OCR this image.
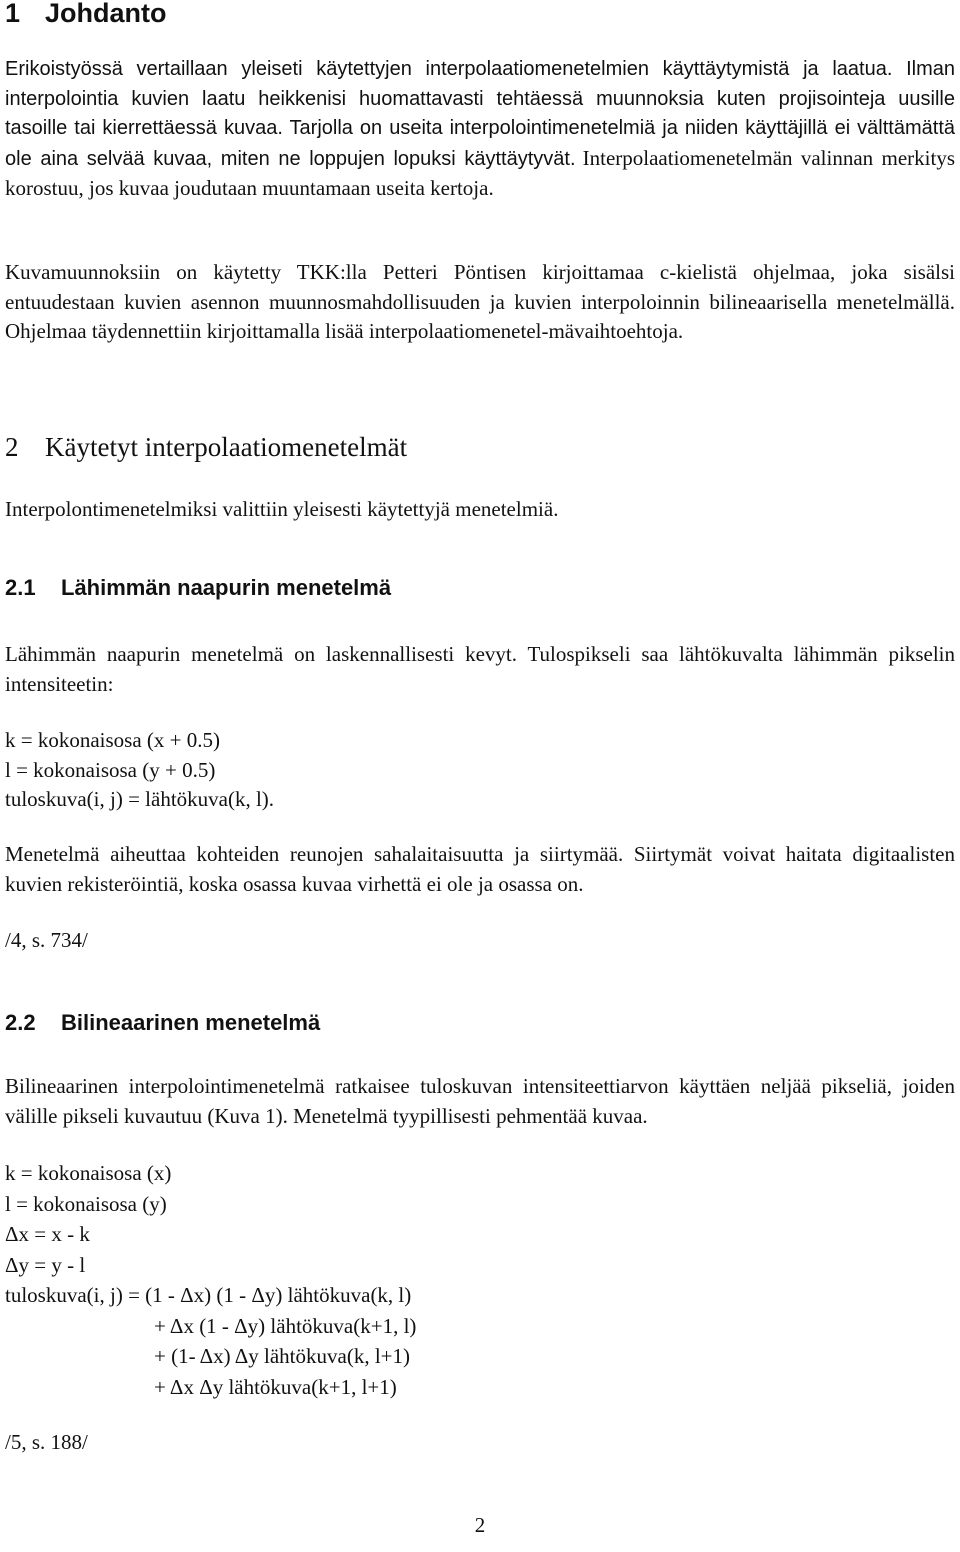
1 Johdanto

Erikoistyössä vertaillaan yleiseti käytettyjen interpolaatiomenetelmien käyttäytymistä ja laatua. Ilman interpolointia kuvien laatu heikkenisi huomattavasti tehtäessä muunnoksia kuten projisointeja uusille tasoille tai kierrettäessä kuvaa. Tarjolla on useita interpolointimenetelmiä ja niiden käyttäjillä ei välttämättä ole aina selvää kuvaa, miten ne loppujen lopuksi käyttäytyvät. Interpolaatiomenetelmän valinnan merkitys korostuu, jos kuvaa joudutaan muuntamaan useita kertoja.

Kuvamuunnoksiin on käytetty TKK:lla Petteri Pöntisen kirjoittamaa c-kielistä ohjelmaa, joka sisälsi entuudestaan kuvien asennon muunnosmahdollisuuden ja kuvien interpoloinnin bilineaarisella menetelmällä. Ohjelmaa täydennettiin kirjoittamalla lisää interpolaatiomenetel-mävaihtoehtoja.

2 Käytetyt interpolaatiomenetelmät

Interpolontimenetelmiksi valittiin yleisesti käytettyjä menetelmiä.

2.1 Lähimmän naapurin menetelmä

Lähimmän naapurin menetelmä on laskennallisesti kevyt. Tulospikseli saa lähtökuvalta lähimmän pikselin intensiteetin:

k = kokonaisosa (x + 0.5)
l = kokonaisosa (y + 0.5)
tuloskuva(i, j) = lähtökuva(k, l).

Menetelmä aiheuttaa kohteiden reunojen sahalaitaisuutta ja siirtymää. Siirtymät voivat haitata digitaalisten kuvien rekisteröintiä, koska osassa kuvaa virhettä ei ole ja osassa on.

/4, s. 734/

2.2 Bilineaarinen menetelmä

Bilineaarinen interpolointimenetelmä ratkaisee tuloskuvan intensiteettiarvon käyttäen neljää pikseliä, joiden välille pikseli kuvautuu (Kuva 1). Menetelmä tyypillisesti pehmentää kuvaa.

k = kokonaisosa (x)
l = kokonaisosa (y)
Δx = x - k
Δy = y - l
tuloskuva(i, j) = (1 - Δx) (1 - Δy) lähtökuva(k, l)
+ Δx (1 - Δy) lähtökuva(k+1, l)
+ (1- Δx) Δy lähtökuva(k, l+1)
+ Δx Δy lähtökuva(k+1, l+1)

/5, s. 188/

2
